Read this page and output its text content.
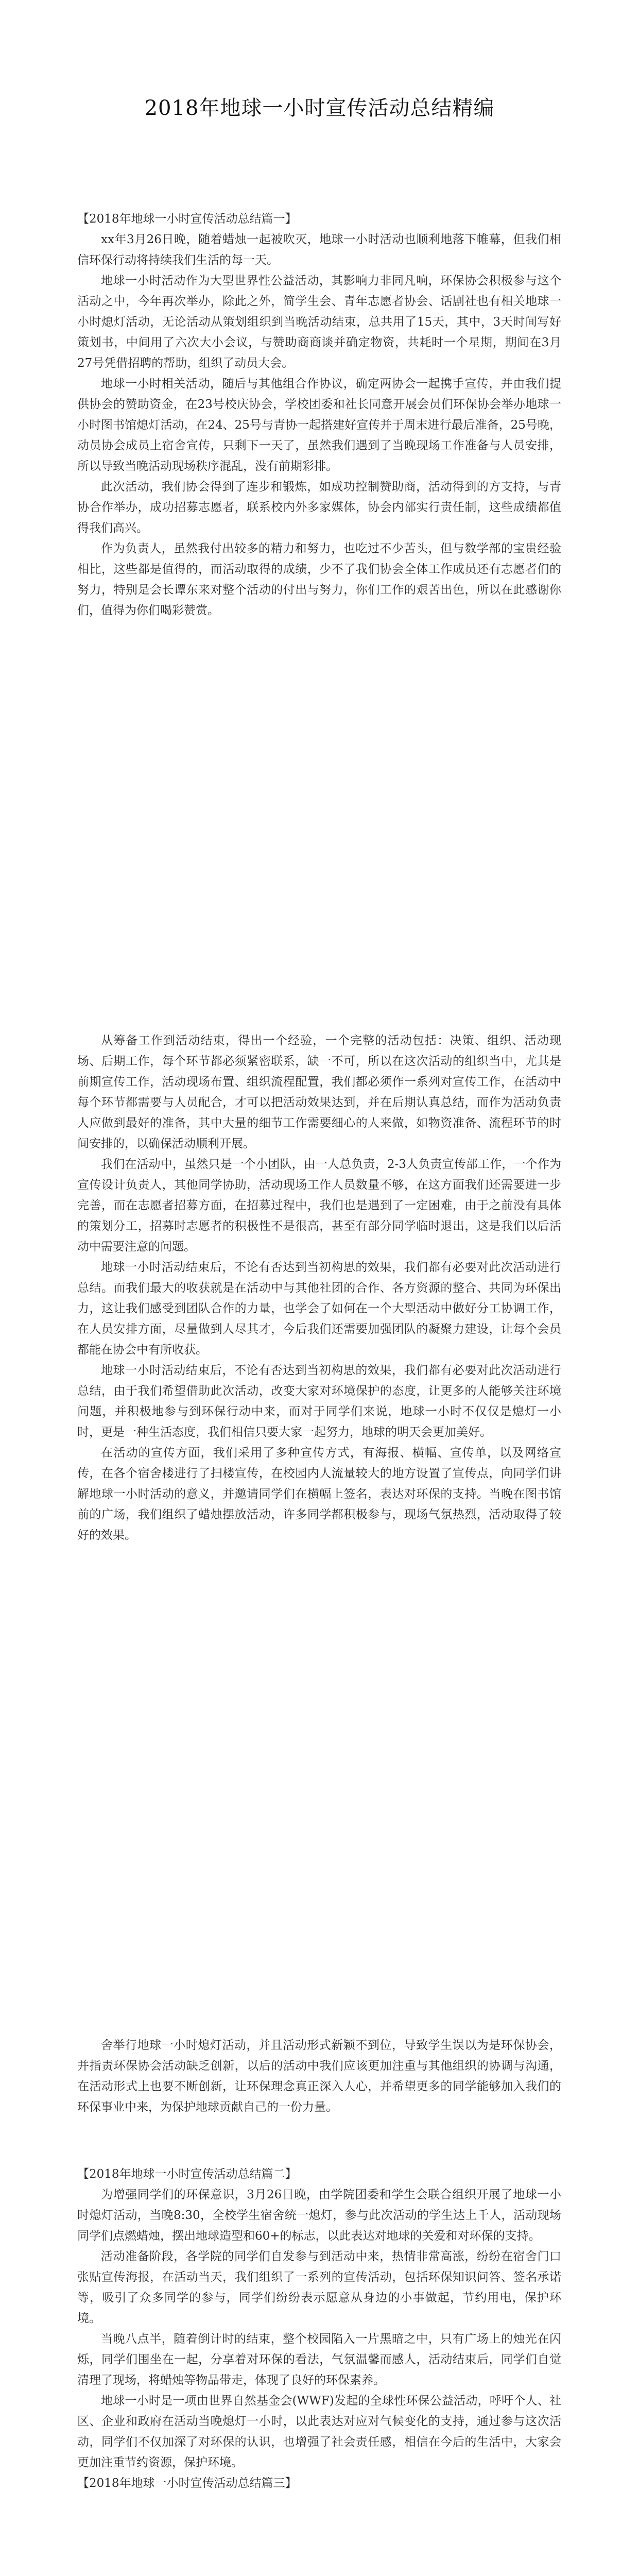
2018年地球一小时宣传活动总结精编

【2018年地球一小时宣传活动总结篇一】

xx年3月26日晚，随着蜡烛一起被吹灭，地球一小时活动也顺利地落下帷幕，但我们相信环保行动将持续我们生活的每一天。

地球一小时活动作为大型世界性公益活动，其影响力非同凡响，环保协会积极参与这个活动之中，今年再次举办，除此之外，简学生会、青年志愿者协会、话剧社也有相关地球一小时熄灯活动，无论活动从策划组织到当晚活动结束，总共用了15天，其中，3天时间写好策划书，中间用了六次大小会议，与赞助商商谈并确定物资，共耗时一个星期，期间在3月27号凭借招聘的帮助，组织了动员大会。

地球一小时相关活动，随后与其他组合作协议，确定两协会一起携手宣传，并由我们提供协会的赞助资金，在23号校庆协会，学校团委和社长同意开展会员们环保协会举办地球一小时图书馆熄灯活动，在24、25号与青协一起搭建好宣传并于周末进行最后准备，25号晚，动员协会成员上宿舍宣传，只剩下一天了，虽然我们遇到了当晚现场工作准备与人员安排，所以导致当晚活动现场秩序混乱，没有前期彩排。

此次活动，我们协会得到了连步和锻炼，如成功控制赞助商，活动得到的方支持，与青协合作举办，成功招募志愿者，联系校内外多家媒体，协会内部实行责任制，这些成绩都值得我们高兴。

作为负责人，虽然我付出较多的精力和努力，也吃过不少苦头，但与数学部的宝贵经验相比，这些都是值得的，而活动取得的成绩，少不了我们协会全体工作成员还有志愿者们的努力，特别是会长谭东来对整个活动的付出与努力，你们工作的艰苦出色，所以在此感谢你们，值得为你们喝彩赞赏。

从筹备工作到活动结束，得出一个经验，一个完整的活动包括：决策、组织、活动现场、后期工作，每个环节都必须紧密联系，缺一不可，所以在这次活动的组织当中，尤其是前期宣传工作，活动现场布置、组织流程配置，我们都必须作一系列对宣传工作，在活动中每个环节都需要与人员配合，才可以把活动效果达到，并在后期认真总结，而作为活动负责人应做到最好的准备，其中大量的细节工作需要细心的人来做，如物资准备、流程环节的时间安排的，以确保活动顺利开展。

我们在活动中，虽然只是一个小团队，由一人总负责，2-3人负责宣传部工作，一个作为宣传设计负责人，其他同学协助，活动现场工作人员数量不够，在这方面我们还需要进一步完善，而在志愿者招募方面，在招募过程中，我们也是遇到了一定困难，由于之前没有具体的策划分工，招募时志愿者的积极性不是很高，甚至有部分同学临时退出，这是我们以后活动中需要注意的问题。

地球一小时活动结束后，不论有否达到当初构思的效果，我们都有必要对此次活动进行总结。而我们最大的收获就是在活动中与其他社团的合作、各方资源的整合、共同为环保出力，这让我们感受到团队合作的力量，也学会了如何在一个大型活动中做好分工协调工作，在人员安排方面，尽量做到人尽其才，今后我们还需要加强团队的凝聚力建设，让每个会员都能在协会中有所收获。

地球一小时活动结束后，不论有否达到当初构思的效果，我们都有必要对此次活动进行总结，由于我们希望借助此次活动，改变大家对环境保护的态度，让更多的人能够关注环境问题，并积极地参与到环保行动中来，而对于同学们来说，地球一小时不仅仅是熄灯一小时，更是一种生活态度，我们相信只要大家一起努力，地球的明天会更加美好。

在活动的宣传方面，我们采用了多种宣传方式，有海报、横幅、宣传单，以及网络宣传，在各个宿舍楼进行了扫楼宣传，在校园内人流量较大的地方设置了宣传点，向同学们讲解地球一小时活动的意义，并邀请同学们在横幅上签名，表达对环保的支持。当晚在图书馆前的广场，我们组织了蜡烛摆放活动，许多同学都积极参与，现场气氛热烈，活动取得了较好的效果。

舍举行地球一小时熄灯活动，并且活动形式新颖不到位，导致学生误以为是环保协会，并指责环保协会活动缺乏创新，以后的活动中我们应该更加注重与其他组织的协调与沟通，在活动形式上也要不断创新，让环保理念真正深入人心，并希望更多的同学能够加入我们的环保事业中来，为保护地球贡献自己的一份力量。

【2018年地球一小时宣传活动总结篇二】

为增强同学们的环保意识，3月26日晚，由学院团委和学生会联合组织开展了地球一小时熄灯活动，当晚8:30，全校学生宿舍统一熄灯，参与此次活动的学生达上千人，活动现场同学们点燃蜡烛，摆出地球造型和60+的标志，以此表达对地球的关爱和对环保的支持。

活动准备阶段，各学院的同学们自发参与到活动中来，热情非常高涨，纷纷在宿舍门口张贴宣传海报，在活动当天，我们组织了一系列的宣传活动，包括环保知识问答、签名承诺等，吸引了众多同学的参与，同学们纷纷表示愿意从身边的小事做起，节约用电，保护环境。

当晚八点半，随着倒计时的结束，整个校园陷入一片黑暗之中，只有广场上的烛光在闪烁，同学们围坐在一起，分享着对环保的看法，气氛温馨而感人，活动结束后，同学们自觉清理了现场，将蜡烛等物品带走，体现了良好的环保素养。

地球一小时是一项由世界自然基金会(WWF)发起的全球性环保公益活动，呼吁个人、社区、企业和政府在活动当晚熄灯一小时，以此表达对应对气候变化的支持，通过参与这次活动，同学们不仅加深了对环保的认识，也增强了社会责任感，相信在今后的生活中，大家会更加注重节约资源，保护环境。

【2018年地球一小时宣传活动总结篇三】
